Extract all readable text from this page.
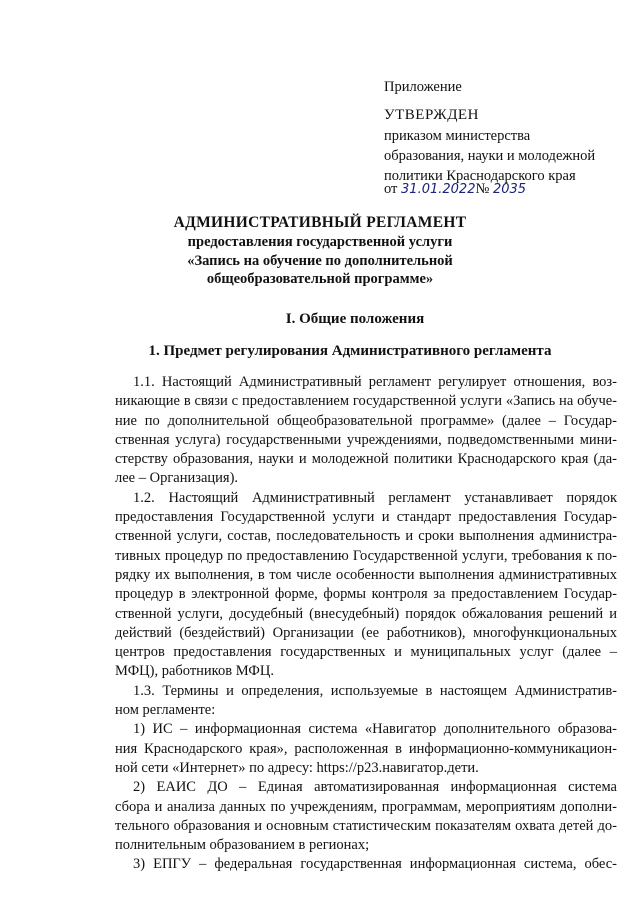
Приложение
УТВЕРЖДЕН
приказом министерства
образования, науки и молодежной
политики Краснодарского края
от 31.01.2022№ 2035
АДМИНИСТРАТИВНЫЙ РЕГЛАМЕНТ
предоставления государственной услуги
«Запись на обучение по дополнительной
общеобразовательной программе»
I. Общие положения
1. Предмет регулирования Административного регламента
1.1. Настоящий Административный регламент регулирует отношения, воз-
никающие в связи с предоставлением государственной услуги «Запись на обуче-
ние по дополнительной общеобразовательной программе» (далее – Государ-
ственная услуга) государственными учреждениями, подведомственными мини-
стерству образования, науки и молодежной политики Краснодарского края (да-
лее – Организация).
1.2. Настоящий Административный регламент устанавливает порядок
предоставления Государственной услуги и стандарт предоставления Государ-
ственной услуги, состав, последовательность и сроки выполнения администра-
тивных процедур по предоставлению Государственной услуги, требования к по-
рядку их выполнения, в том числе особенности выполнения административных
процедур в электронной форме, формы контроля за предоставлением Государ-
ственной услуги, досудебный (внесудебный) порядок обжалования решений и
действий (бездействий) Организации (ее работников), многофункциональных
центров предоставления государственных и муниципальных услуг (далее –
МФЦ), работников МФЦ.
1.3. Термины и определения, используемые в настоящем Административ-
ном регламенте:
1) ИС – информационная система «Навигатор дополнительного образова-
ния Краснодарского края», расположенная в информационно-коммуникацион-
ной сети «Интернет» по адресу: https://р23.навигатор.дети.
2) ЕАИС ДО – Единая автоматизированная информационная система
сбора и анализа данных по учреждениям, программам, мероприятиям дополни-
тельного образования и основным статистическим показателям охвата детей до-
полнительным образованием в регионах;
3) ЕПГУ – федеральная государственная информационная система, обес-
